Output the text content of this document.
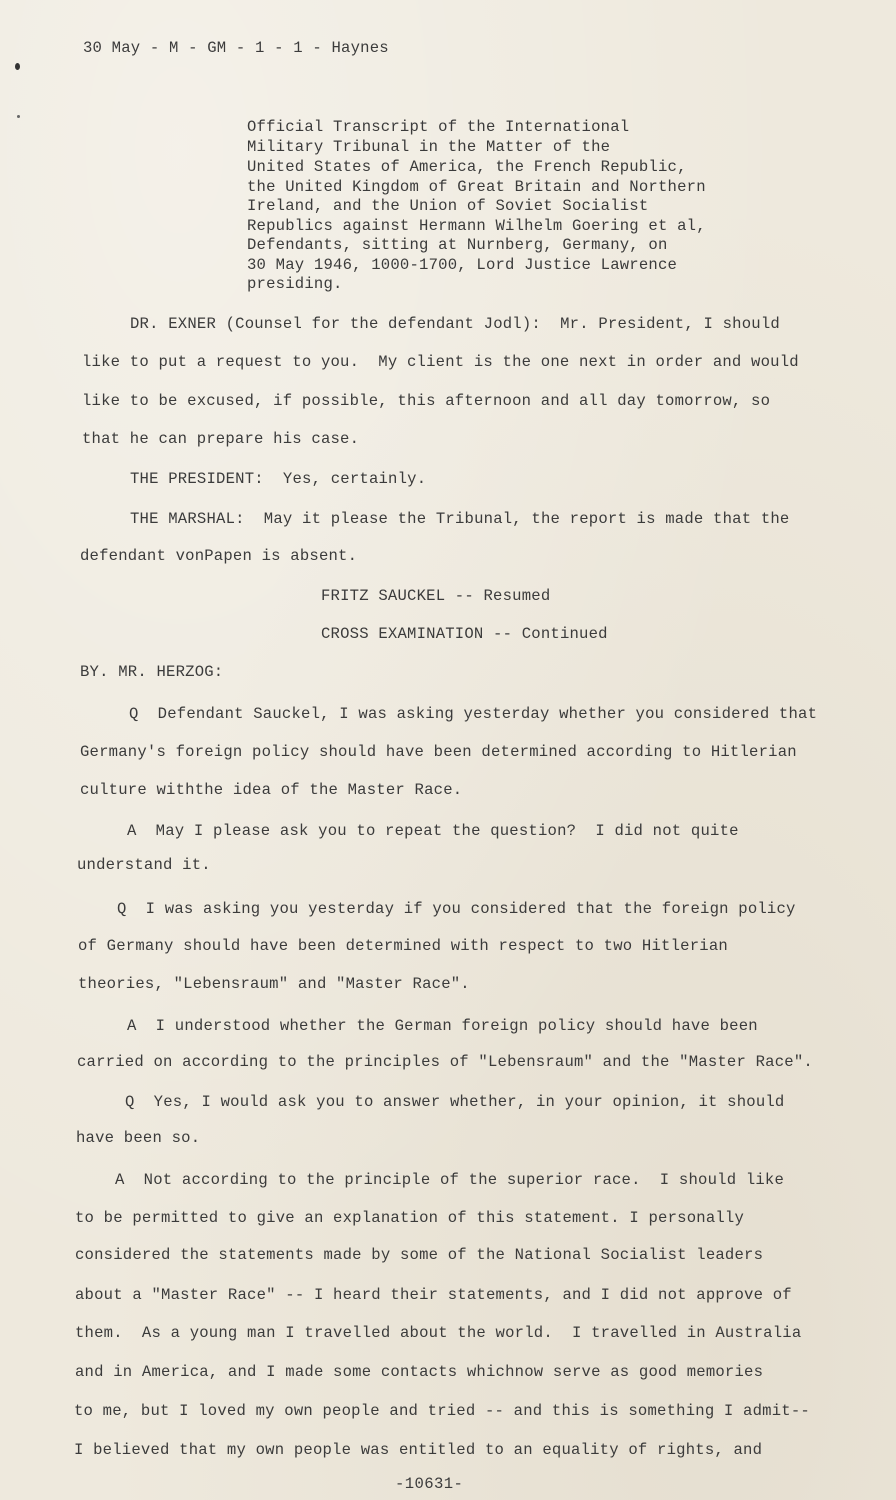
30 May - M - GM - 1 - 1 - Haynes
Official Transcript of the International
Military Tribunal in the Matter of the
United States of America, the French Republic,
the United Kingdom of Great Britain and Northern
Ireland, and the Union of Soviet Socialist
Republics against Hermann Wilhelm Goering et al,
Defendants, sitting at Nurnberg, Germany, on
30 May 1946, 1000-1700, Lord Justice Lawrence
presiding.
DR. EXNER (Counsel for the defendant Jodl):  Mr. President, I should
like to put a request to you.  My client is the one next in order and would
like to be excused, if possible, this afternoon and all day tomorrow, so
that he can prepare his case.
THE PRESIDENT:  Yes, certainly.
THE MARSHAL:  May it please the Tribunal, the report is made that the
defendant vonPapen is absent.
FRITZ SAUCKEL -- Resumed
CROSS EXAMINATION -- Continued
BY. MR. HERZOG:
Q  Defendant Sauckel, I was asking yesterday whether you considered that
Germany's foreign policy should have been determined according to Hitlerian
culture withthe idea of the Master Race.
A  May I please ask you to repeat the question?  I did not quite
understand it.
Q  I was asking you yesterday if you considered that the foreign policy
of Germany should have been determined with respect to two Hitlerian
theories, "Lebensraum" and "Master Race".
A  I understood whether the German foreign policy should have been
carried on according to the principles of "Lebensraum" and the "Master Race".
Q  Yes, I would ask you to answer whether, in your opinion, it should
have been so.
A  Not according to the principle of the superior race.  I should like
to be permitted to give an explanation of this statement. I personally
considered the statements made by some of the National Socialist leaders
about a "Master Race" -- I heard their statements, and I did not approve of
them.  As a young man I travelled about the world.  I travelled in Australia
and in America, and I made some contacts whichnow serve as good memories
to me, but I loved my own people and tried -- and this is something I admit--
I believed that my own people was entitled to an equality of rights, and
-10631-
